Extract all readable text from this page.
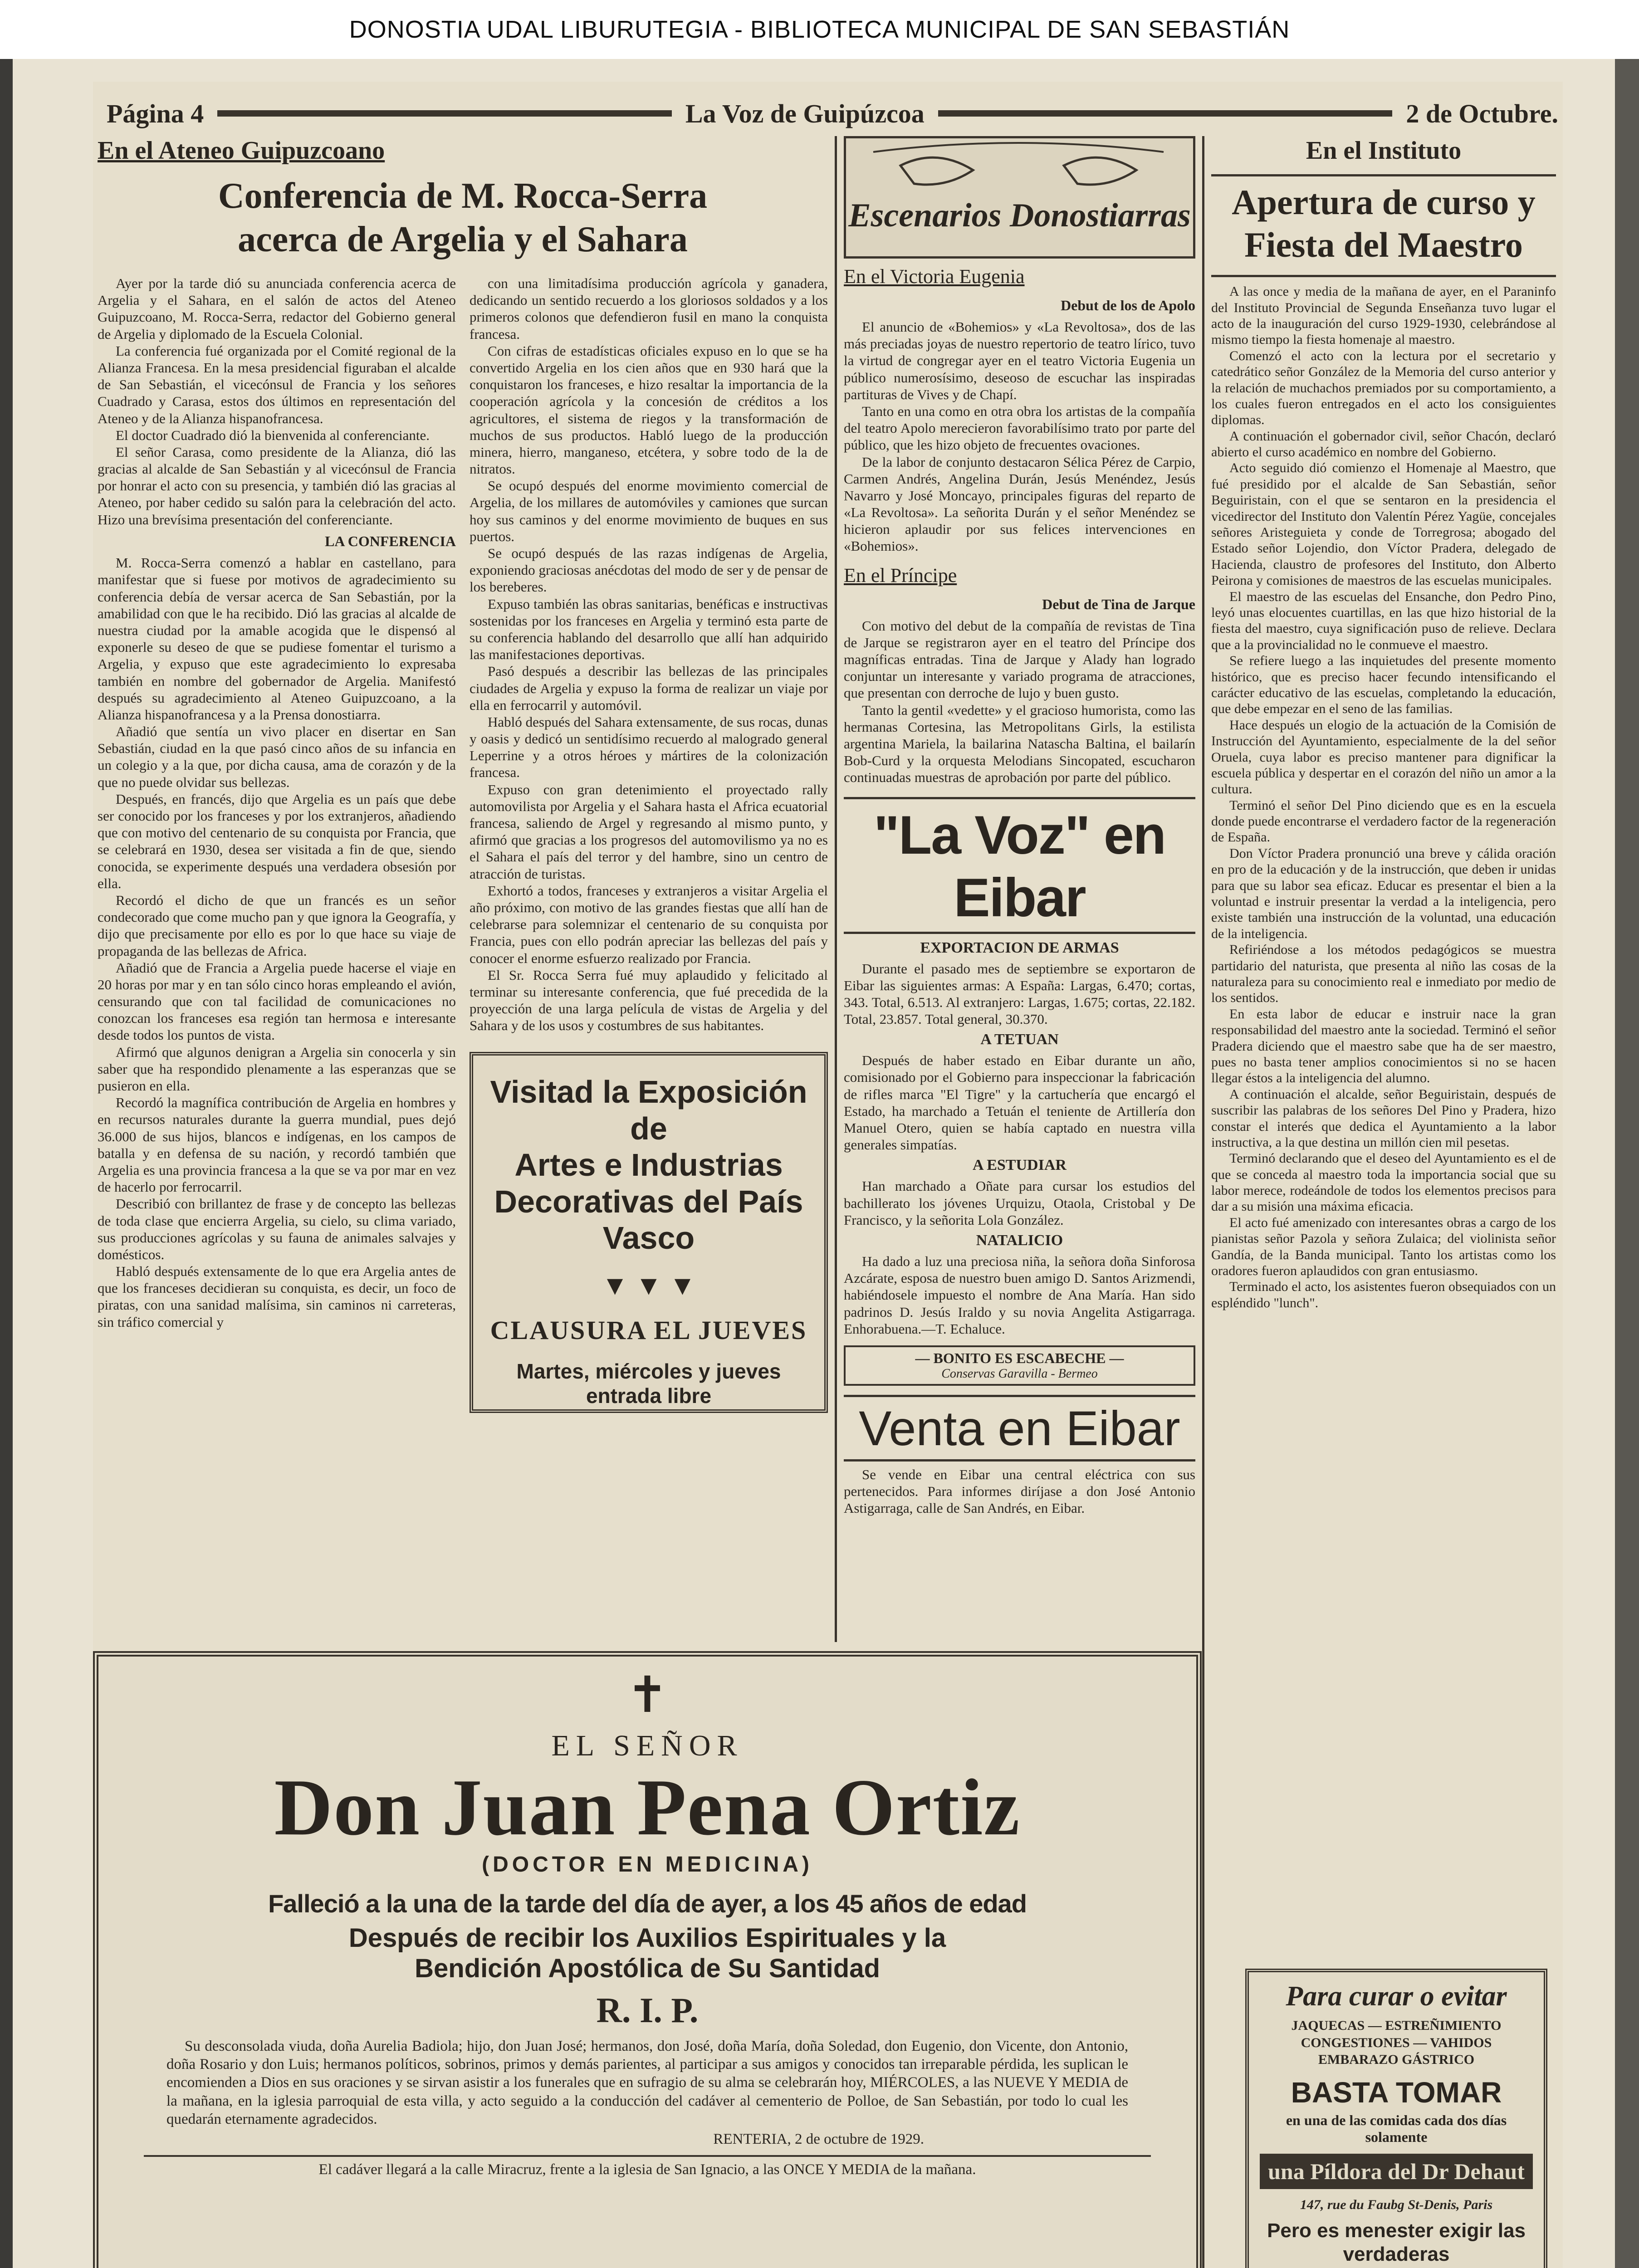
DONOSTIA UDAL LIBURUTEGIA - BIBLIOTECA MUNICIPAL DE SAN SEBASTIÁN
Página 4	La Voz de Guipúzcoa	2 de Octubre.
En el Ateneo Guipuzcoano
Conferencia de M. Rocca-Serra
acerca de Argelia y el Sahara

Ayer por la tarde dió su anunciada conferencia acerca de Argelia y el Sahara, en el salón de actos del Ateneo Guipuzcoano, M. Rocca-Serra, redactor del Gobierno general de Argelia y diplomado de la Escuela Colonial.

La conferencia fué organizada por el Comité regional de la Alianza Francesa. En la mesa presidencial figuraban el alcalde de San Sebastián, el vicecónsul de Francia y los señores Cuadrado y Carasa, estos dos últimos en representación del Ateneo y de la Alianza hispanofrancesa.

El doctor Cuadrado dió la bienvenida al conferenciante.

El señor Carasa, como presidente de la Alianza, dió las gracias al alcalde de San Sebastián y al vicecónsul de Francia por honrar el acto con su presencia, y también dió las gracias al Ateneo, por haber cedido su salón para la celebración del acto. Hizo una brevísima presentación del conferenciante.

LA CONFERENCIA

M. Rocca-Serra comenzó a hablar en castellano, para manifestar que si fuese por motivos de agradecimiento su conferencia debía de versar acerca de San Sebastián, por la amabilidad con que le ha recibido. Dió las gracias al alcalde de nuestra ciudad por la amable acogida que le dispensó al exponerle su deseo de que se pudiese fomentar el turismo a Argelia, y expuso que este agradecimiento lo expresaba también en nombre del gobernador de Argelia. Manifestó después su agradecimiento al Ateneo Guipuzcoano, a la Alianza hispanofrancesa y a la Prensa donostiarra.

Añadió que sentía un vivo placer en disertar en San Sebastián, ciudad en la que pasó cinco años de su infancia en un colegio y a la que, por dicha causa, ama de corazón y de la que no puede olvidar sus bellezas.

Después, en francés, dijo que Argelia es un país que debe ser conocido por los franceses y por los extranjeros, añadiendo que con motivo del centenario de su conquista por Francia, que se celebrará en 1930, desea ser visitada a fin de que, siendo conocida, se experimente después una verdadera obsesión por ella.

Recordó el dicho de que un francés es un señor condecorado que come mucho pan y que ignora la Geografía, y dijo que precisamente por ello es por lo que hace su viaje de propaganda de las bellezas de Africa.

Añadió que de Francia a Argelia puede hacerse el viaje en 20 horas por mar y en tan sólo cinco horas empleando el avión, censurando que con tal facilidad de comunicaciones no conozcan los franceses esa región tan hermosa e interesante desde todos los puntos de vista.

Afirmó que algunos denigran a Argelia sin conocerla y sin saber que ha respondido plenamente a las esperanzas que se pusieron en ella.

Recordó la magnífica contribución de Argelia en hombres y en recursos naturales durante la guerra mundial, pues dejó 36.000 de sus hijos, blancos e indígenas, en los campos de batalla y en defensa de su nación, y recordó también que Argelia es una provincia francesa a la que se va por mar en vez de hacerlo por ferrocarril.

Describió con brillantez de frase y de concepto las bellezas de toda clase que encierra Argelia, su cielo, su clima variado, sus producciones agrícolas y su fauna de animales salvajes y domésticos.

Habló después extensamente de lo que era Argelia antes de que los franceses decidieran su conquista, es decir, un foco de piratas, con una sanidad malísima, sin caminos ni carreteras, sin tráfico comercial y

con una limitadísima producción agrícola y ganadera, dedicando un sentido recuerdo a los gloriosos soldados y a los primeros colonos que defendieron fusil en mano la conquista francesa.

Con cifras de estadísticas oficiales expuso en lo que se ha convertido Argelia en los cien años que en 930 hará que la conquistaron los franceses, e hizo resaltar la importancia de la cooperación agrícola y la concesión de créditos a los agricultores, el sistema de riegos y la transformación de muchos de sus productos. Habló luego de la producción minera, hierro, manganeso, etcétera, y sobre todo de la de nitratos.

Se ocupó después del enorme movimiento comercial de Argelia, de los millares de automóviles y camiones que surcan hoy sus caminos y del enorme movimiento de buques en sus puertos.

Se ocupó después de las razas indígenas de Argelia, exponiendo graciosas anécdotas del modo de ser y de pensar de los bereberes.

Expuso también las obras sanitarias, benéficas e instructivas sostenidas por los franceses en Argelia y terminó esta parte de su conferencia hablando del desarrollo que allí han adquirido las manifestaciones deportivas.

Pasó después a describir las bellezas de las principales ciudades de Argelia y expuso la forma de realizar un viaje por ella en ferrocarril y automóvil.

Habló después del Sahara extensamente, de sus rocas, dunas y oasis y dedicó un sentidísimo recuerdo al malogrado general Leperrine y a otros héroes y mártires de la colonización francesa.

Expuso con gran detenimiento el proyectado rally automovilista por Argelia y el Sahara hasta el Africa ecuatorial francesa, saliendo de Argel y regresando al mismo punto, y afirmó que gracias a los progresos del automovilismo ya no es el Sahara el país del terror y del hambre, sino un centro de atracción de turistas.

Exhortó a todos, franceses y extranjeros a visitar Argelia el año próximo, con motivo de las grandes fiestas que allí han de celebrarse para solemnizar el centenario de su conquista por Francia, pues con ello podrán apreciar las bellezas del país y conocer el enorme esfuerzo realizado por Francia.

El Sr. Rocca Serra fué muy aplaudido y felicitado al terminar su interesante conferencia, que fué precedida de la proyección de una larga película de vistas de Argelia y del Sahara y de los usos y costumbres de sus habitantes.

Visitad la Exposición de
Artes e Industrias Decorativas del País Vasco
▼ ▼ ▼
CLAUSURA EL JUEVES
Martes, miércoles y jueves entrada libre
Escenarios Donostiarras
En el Victoria Eugenia
Debut de los de Apolo

El anuncio de «Bohemios» y «La Revoltosa», dos de las más preciadas joyas de nuestro repertorio de teatro lírico, tuvo la virtud de congregar ayer en el teatro Victoria Eugenia un público numerosísimo, deseoso de escuchar las inspiradas partituras de Vives y de Chapí.

Tanto en una como en otra obra los artistas de la compañía del teatro Apolo merecieron favorabilísimo trato por parte del público, que les hizo objeto de frecuentes ovaciones.

De la labor de conjunto destacaron Sélica Pérez de Carpio, Carmen Andrés, Angelina Durán, Jesús Menéndez, Jesús Navarro y José Moncayo, principales figuras del reparto de «La Revoltosa». La señorita Durán y el señor Menéndez se hicieron aplaudir por sus felices intervenciones en «Bohemios».

En el Príncipe
Debut de Tina de Jarque

Con motivo del debut de la compañía de revistas de Tina de Jarque se registraron ayer en el teatro del Príncipe dos magníficas entradas. Tina de Jarque y Alady han logrado conjuntar un interesante y variado programa de atracciones, que presentan con derroche de lujo y buen gusto.

Tanto la gentil «vedette» y el gracioso humorista, como las hermanas Cortesina, las Metropolitans Girls, la estilista argentina Mariela, la bailarina Natascha Baltina, el bailarín Bob-Curd y la orquesta Melodians Sincopated, escucharon continuadas muestras de aprobación por parte del público.

"La Voz" en Eibar
EXPORTACION DE ARMAS

Durante el pasado mes de septiembre se exportaron de Eibar las siguientes armas: A España: Largas, 6.470; cortas, 343. Total, 6.513. Al extranjero: Largas, 1.675; cortas, 22.182. Total, 23.857. Total general, 30.370.

A TETUAN

Después de haber estado en Eibar durante un año, comisionado por el Gobierno para inspeccionar la fabricación de rifles marca "El Tigre" y la cartuchería que encargó el Estado, ha marchado a Tetuán el teniente de Artillería don Manuel Otero, quien se había captado en nuestra villa generales simpatías.

A ESTUDIAR

Han marchado a Oñate para cursar los estudios del bachillerato los jóvenes Urquizu, Otaola, Cristobal y De Francisco, y la señorita Lola González.

NATALICIO

Ha dado a luz una preciosa niña, la señora doña Sinforosa Azcárate, esposa de nuestro buen amigo D. Santos Arizmendi, habiéndosele impuesto el nombre de Ana María. Han sido padrinos D. Jesús Iraldo y su novia Angelita Astigarraga. Enhorabuena.—T. Echaluce.

— BONITO ES ESCABECHE —
Conservas Garavilla - Bermeo
Venta en Eibar

Se vende en Eibar una central eléctrica con sus pertenecidos. Para informes diríjase a don José Antonio Astigarraga, calle de San Andrés, en Eibar.

En el Instituto
Apertura de curso y
Fiesta del Maestro

A las once y media de la mañana de ayer, en el Paraninfo del Instituto Provincial de Segunda Enseñanza tuvo lugar el acto de la inauguración del curso 1929-1930, celebrándose al mismo tiempo la fiesta homenaje al maestro.

Comenzó el acto con la lectura por el secretario y catedrático señor González de la Memoria del curso anterior y la relación de muchachos premiados por su comportamiento, a los cuales fueron entregados en el acto los consiguientes diplomas.

A continuación el gobernador civil, señor Chacón, declaró abierto el curso académico en nombre del Gobierno.

Acto seguido dió comienzo el Homenaje al Maestro, que fué presidido por el alcalde de San Sebastián, señor Beguiristain, con el que se sentaron en la presidencia el vicedirector del Instituto don Valentín Pérez Yagüe, concejales señores Aristeguieta y conde de Torregrosa; abogado del Estado señor Lojendio, don Víctor Pradera, delegado de Hacienda, claustro de profesores del Instituto, don Alberto Peirona y comisiones de maestros de las escuelas municipales.

El maestro de las escuelas del Ensanche, don Pedro Pino, leyó unas elocuentes cuartillas, en las que hizo historial de la fiesta del maestro, cuya significación puso de relieve. Declara que a la provincialidad no le conmueve el maestro.

Se refiere luego a las inquietudes del presente momento histórico, que es preciso hacer fecundo intensificando el carácter educativo de las escuelas, completando la educación, que debe empezar en el seno de las familias.

Hace después un elogio de la actuación de la Comisión de Instrucción del Ayuntamiento, especialmente de la del señor Oruela, cuya labor es preciso mantener para dignificar la escuela pública y despertar en el corazón del niño un amor a la cultura.

Terminó el señor Del Pino diciendo que es en la escuela donde puede encontrarse el verdadero factor de la regeneración de España.

Don Víctor Pradera pronunció una breve y cálida oración en pro de la educación y de la instrucción, que deben ir unidas para que su labor sea eficaz. Educar es presentar el bien a la voluntad e instruir presentar la verdad a la inteligencia, pero existe también una instrucción de la voluntad, una educación de la inteligencia.

Refiriéndose a los métodos pedagógicos se muestra partidario del naturista, que presenta al niño las cosas de la naturaleza para su conocimiento real e inmediato por medio de los sentidos.

En esta labor de educar e instruir nace la gran responsabilidad del maestro ante la sociedad. Terminó el señor Pradera diciendo que el maestro sabe que ha de ser maestro, pues no basta tener amplios conocimientos si no se hacen llegar éstos a la inteligencia del alumno.

A continuación el alcalde, señor Beguiristain, después de suscribir las palabras de los señores Del Pino y Pradera, hizo constar el interés que dedica el Ayuntamiento a la labor instructiva, a la que destina un millón cien mil pesetas.

Terminó declarando que el deseo del Ayuntamiento es el de que se conceda al maestro toda la importancia social que su labor merece, rodeándole de todos los elementos precisos para dar a su misión una máxima eficacia.

El acto fué amenizado con interesantes obras a cargo de los pianistas señor Pazola y señora Zulaica; del violinista señor Gandía, de la Banda municipal. Tanto los artistas como los oradores fueron aplaudidos con gran entusiasmo.

Terminado el acto, los asistentes fueron obsequiados con un espléndido "lunch".

Para curar o evitar
JAQUECAS — ESTREÑIMIENTO CONGESTIONES — VAHIDOS EMBARAZO GÁSTRICO
BASTA TOMAR
en una de las comidas cada dos días solamente
una Píldora del Dr Dehaut
147, rue du Faubg St-Denis, Paris
Pero es menester exigir las verdaderas
✝
EL SEÑOR
Don Juan Pena Ortiz
(DOCTOR EN MEDICINA)
Falleció a la una de la tarde del día de ayer, a los 45 años de edad
Después de recibir los Auxilios Espirituales y la
Bendición Apostólica de Su Santidad
R. I. P.
Su desconsolada viuda, doña Aurelia Badiola; hijo, don Juan José; hermanos, don José, doña María, doña Soledad, don Eugenio, don Vicente, don Antonio, doña Rosario y don Luis; hermanos políticos, sobrinos, primos y demás parientes, al participar a sus amigos y conocidos tan irreparable pérdida, les suplican le encomienden a Dios en sus oraciones y se sirvan asistir a los funerales que en sufragio de su alma se celebrarán hoy, MIÉRCOLES, a las NUEVE Y MEDIA de la mañana, en la iglesia parroquial de esta villa, y acto seguido a la conducción del cadáver al cementerio de Polloe, de San Sebastián, por todo lo cual les quedarán eternamente agradecidos.
RENTERIA, 2 de octubre de 1929.
El cadáver llegará a la calle Miracruz, frente a la iglesia de San Ignacio, a las ONCE Y MEDIA de la mañana.
